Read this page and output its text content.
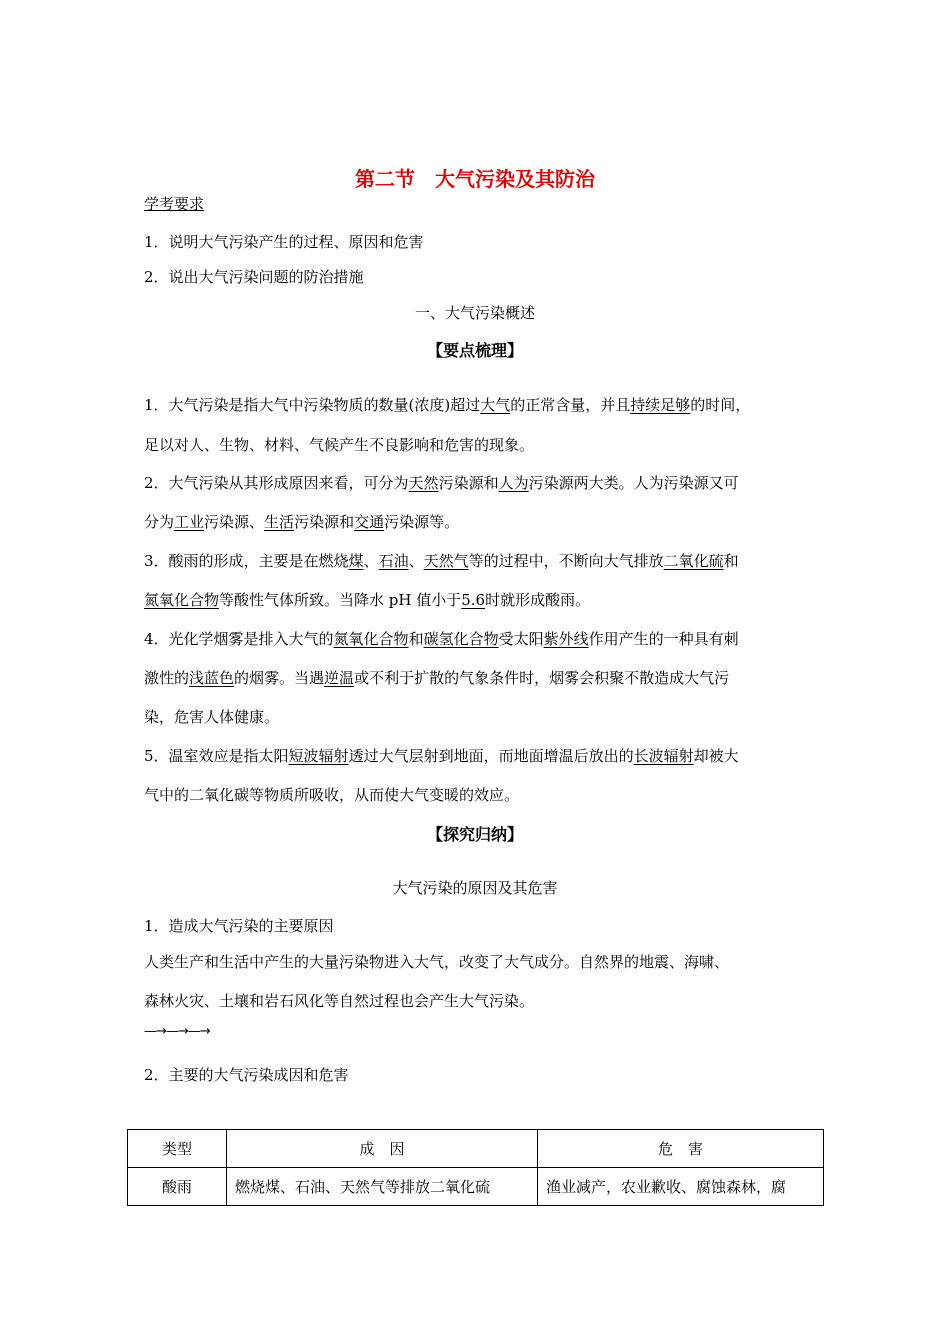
第二节　大气污染及其防治
学考要求
1．说明大气污染产生的过程、原因和危害
2．说出大气污染问题的防治措施
一、大气污染概述
【要点梳理】
1．大气污染是指大气中污染物质的数量(浓度)超过大气的正常含量，并且持续足够的时间，
足以对人、生物、材料、气候产生不良影响和危害的现象。
2．大气污染从其形成原因来看，可分为天然污染源和人为污染源两大类。人为污染源又可
分为工业污染源、生活污染源和交通污染源等。
3．酸雨的形成，主要是在燃烧煤、石油、天然气等的过程中，不断向大气排放二氧化硫和
氮氧化合物等酸性气体所致。当降水 pH 值小于5.6时就形成酸雨。
4．光化学烟雾是排入大气的氮氧化合物和碳氢化合物受太阳紫外线作用产生的一种具有刺
激性的浅蓝色的烟雾。当遇逆温或不利于扩散的气象条件时，烟雾会积聚不散造成大气污
染，危害人体健康。
5．温室效应是指太阳短波辐射透过大气层射到地面，而地面增温后放出的长波辐射却被大
气中的二氧化碳等物质所吸收，从而使大气变暖的效应。
【探究归纳】
大气污染的原因及其危害
1．造成大气污染的主要原因
人类生产和生活中产生的大量污染物进入大气，改变了大气成分。自然界的地震、海啸、
森林火灾、土壤和岩石风化等自然过程也会产生大气污染。
—→—→—→
2．主要的大气污染成因和危害
类型	成　因	危　害
酸雨	燃烧煤、石油、天然气等排放二氧化硫	渔业减产，农业歉收、腐蚀森林，腐
